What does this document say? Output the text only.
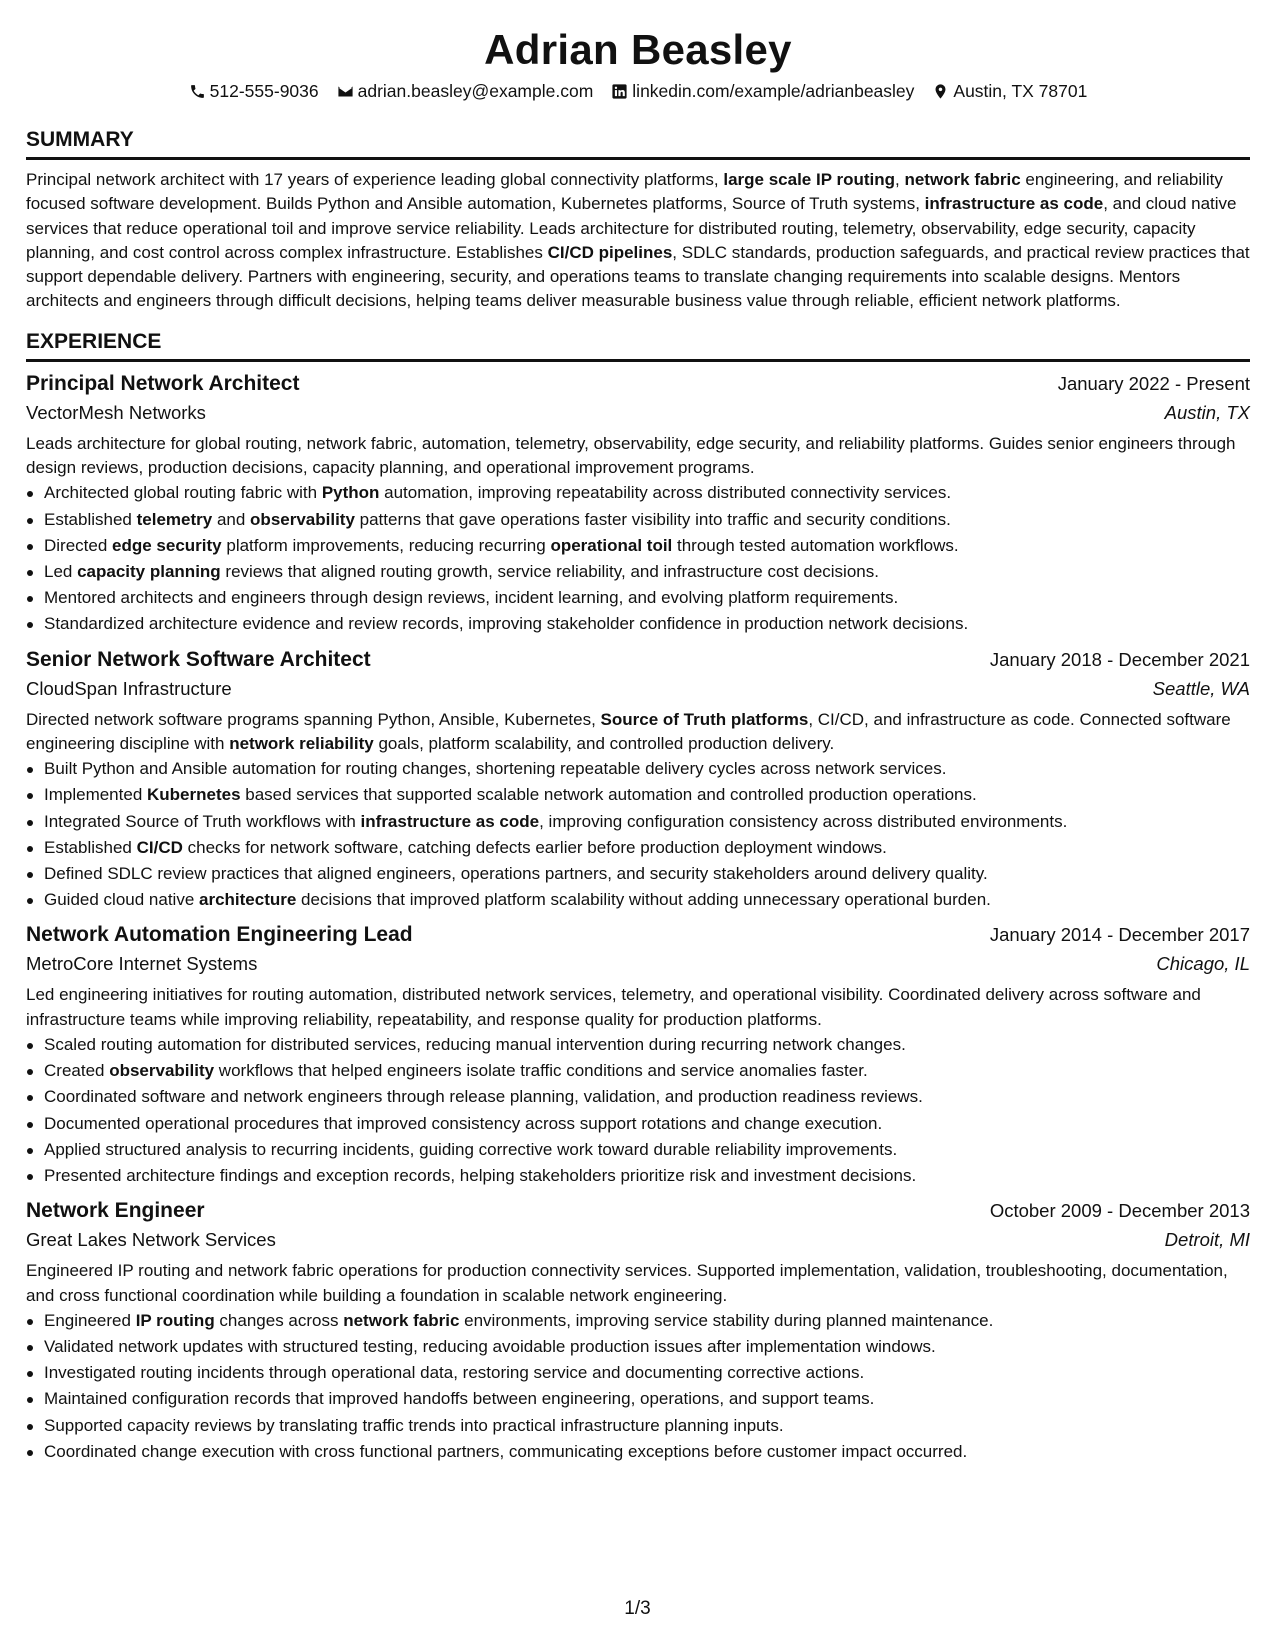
Adrian Beasley
512-555-9036 adrian.beasley@example.com linkedin.com/example/adrianbeasley Austin, TX 78701
SUMMARY

Principal network architect with 17 years of experience leading global connectivity platforms, large scale IP routing, network fabric engineering, and reliability focused software development. Builds Python and Ansible automation, Kubernetes platforms, Source of Truth systems, infrastructure as code, and cloud native services that reduce operational toil and improve service reliability. Leads architecture for distributed routing, telemetry, observability, edge security, capacity planning, and cost control across complex infrastructure. Establishes CI/CD pipelines, SDLC standards, production safeguards, and practical review practices that support dependable delivery. Partners with engineering, security, and operations teams to translate changing requirements into scalable designs. Mentors architects and engineers through difficult decisions, helping teams deliver measurable business value through reliable, efficient network platforms.

EXPERIENCE
Principal Network Architect	January 2022 - Present
VectorMesh Networks	Austin, TX
Leads architecture for global routing, network fabric, automation, telemetry, observability, edge security, and reliability platforms. Guides senior engineers through design reviews, production decisions, capacity planning, and operational improvement programs.
Architected global routing fabric with Python automation, improving repeatability across distributed connectivity services.
Established telemetry and observability patterns that gave operations faster visibility into traffic and security conditions.
Directed edge security platform improvements, reducing recurring operational toil through tested automation workflows.
Led capacity planning reviews that aligned routing growth, service reliability, and infrastructure cost decisions.
Mentored architects and engineers through design reviews, incident learning, and evolving platform requirements.
Standardized architecture evidence and review records, improving stakeholder confidence in production network decisions.
Senior Network Software Architect	January 2018 - December 2021
CloudSpan Infrastructure	Seattle, WA
Directed network software programs spanning Python, Ansible, Kubernetes, Source of Truth platforms, CI/CD, and infrastructure as code. Connected software engineering discipline with network reliability goals, platform scalability, and controlled production delivery.
Built Python and Ansible automation for routing changes, shortening repeatable delivery cycles across network services.
Implemented Kubernetes based services that supported scalable network automation and controlled production operations.
Integrated Source of Truth workflows with infrastructure as code, improving configuration consistency across distributed environments.
Established CI/CD checks for network software, catching defects earlier before production deployment windows.
Defined SDLC review practices that aligned engineers, operations partners, and security stakeholders around delivery quality.
Guided cloud native architecture decisions that improved platform scalability without adding unnecessary operational burden.
Network Automation Engineering Lead	January 2014 - December 2017
MetroCore Internet Systems	Chicago, IL
Led engineering initiatives for routing automation, distributed network services, telemetry, and operational visibility. Coordinated delivery across software and infrastructure teams while improving reliability, repeatability, and response quality for production platforms.
Scaled routing automation for distributed services, reducing manual intervention during recurring network changes.
Created observability workflows that helped engineers isolate traffic conditions and service anomalies faster.
Coordinated software and network engineers through release planning, validation, and production readiness reviews.
Documented operational procedures that improved consistency across support rotations and change execution.
Applied structured analysis to recurring incidents, guiding corrective work toward durable reliability improvements.
Presented architecture findings and exception records, helping stakeholders prioritize risk and investment decisions.
Network Engineer	October 2009 - December 2013
Great Lakes Network Services	Detroit, MI
Engineered IP routing and network fabric operations for production connectivity services. Supported implementation, validation, troubleshooting, documentation, and cross functional coordination while building a foundation in scalable network engineering.
Engineered IP routing changes across network fabric environments, improving service stability during planned maintenance.
Validated network updates with structured testing, reducing avoidable production issues after implementation windows.
Investigated routing incidents through operational data, restoring service and documenting corrective actions.
Maintained configuration records that improved handoffs between engineering, operations, and support teams.
Supported capacity reviews by translating traffic trends into practical infrastructure planning inputs.
Coordinated change execution with cross functional partners, communicating exceptions before customer impact occurred.
1/3
